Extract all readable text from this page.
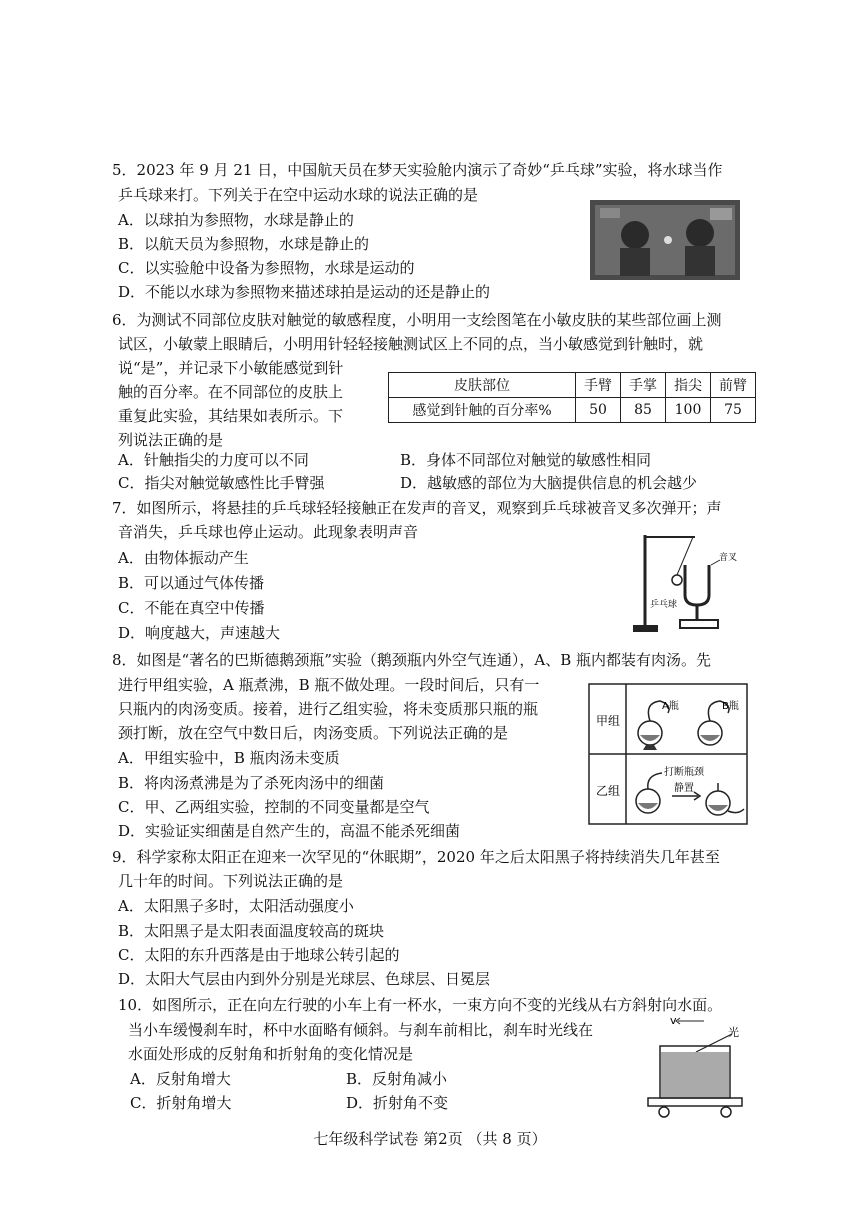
5．2023 年 9 月 21 日，中国航天员在梦天实验舱内演示了奇妙“乒乓球”实验，将水球当作
乒乓球来打。下列关于在空中运动水球的说法正确的是
A．以球拍为参照物，水球是静止的
B．以航天员为参照物，水球是静止的
C．以实验舱中设备为参照物，水球是运动的
D．不能以水球为参照物来描述球拍是运动的还是静止的
6．为测试不同部位皮肤对触觉的敏感程度，小明用一支绘图笔在小敏皮肤的某些部位画上测
试区，小敏蒙上眼睛后，小明用针轻轻接触测试区上不同的点，当小敏感觉到针触时，就
说“是”，并记录下小敏能感觉到针
触的百分率。在不同部位的皮肤上
重复此实验，其结果如表所示。下
列说法正确的是
皮肤部位	手臂	手掌	指尖	前臂
感觉到针触的百分率%	50	85	100	75
A．针触指尖的力度可以不同	B．身体不同部位对触觉的敏感性相同
C．指尖对触觉敏感性比手臂强	D．越敏感的部位为大脑提供信息的机会越少
7．如图所示，将悬挂的乒乓球轻轻接触正在发声的音叉，观察到乒乓球被音叉多次弹开；声
音消失，乒乓球也停止运动。此现象表明声音
A．由物体振动产生
B．可以通过气体传播
C．不能在真空中传播
D．响度越大，声速越大
音叉
乒乓球
8．如图是“著名的巴斯德鹅颈瓶”实验（鹅颈瓶内外空气连通），A、B 瓶内都装有肉汤。先
进行甲组实验，A 瓶煮沸，B 瓶不做处理。一段时间后，只有一
只瓶内的肉汤变质。接着，进行乙组实验，将未变质那只瓶的瓶
颈打断，放在空气中数日后，肉汤变质。下列说法正确的是
A．甲组实验中，B 瓶肉汤未变质
B．将肉汤煮沸是为了杀死肉汤中的细菌
C．甲、乙两组实验，控制的不同变量都是空气
D．实验证实细菌是自然产生的，高温不能杀死细菌
甲组
乙组
A瓶	B瓶
打断瓶颈
静置
9．科学家称太阳正在迎来一次罕见的“休眠期”，2020 年之后太阳黑子将持续消失几年甚至
几十年的时间。下列说法正确的是
A．太阳黑子多时，太阳活动强度小
B．太阳黑子是太阳表面温度较高的斑块
C．太阳的东升西落是由于地球公转引起的
D．太阳大气层由内到外分别是光球层、色球层、日冕层
10．如图所示，正在向左行驶的小车上有一杯水，一束方向不变的光线从右方斜射向水面。
当小车缓慢刹车时，杯中水面略有倾斜。与刹车前相比，刹车时光线在
水面处形成的反射角和折射角的变化情况是
A．反射角增大	B．反射角减小
C．折射角增大	D．折射角不变
v
光
七年级科学试卷 第2页 （共 8 页）
